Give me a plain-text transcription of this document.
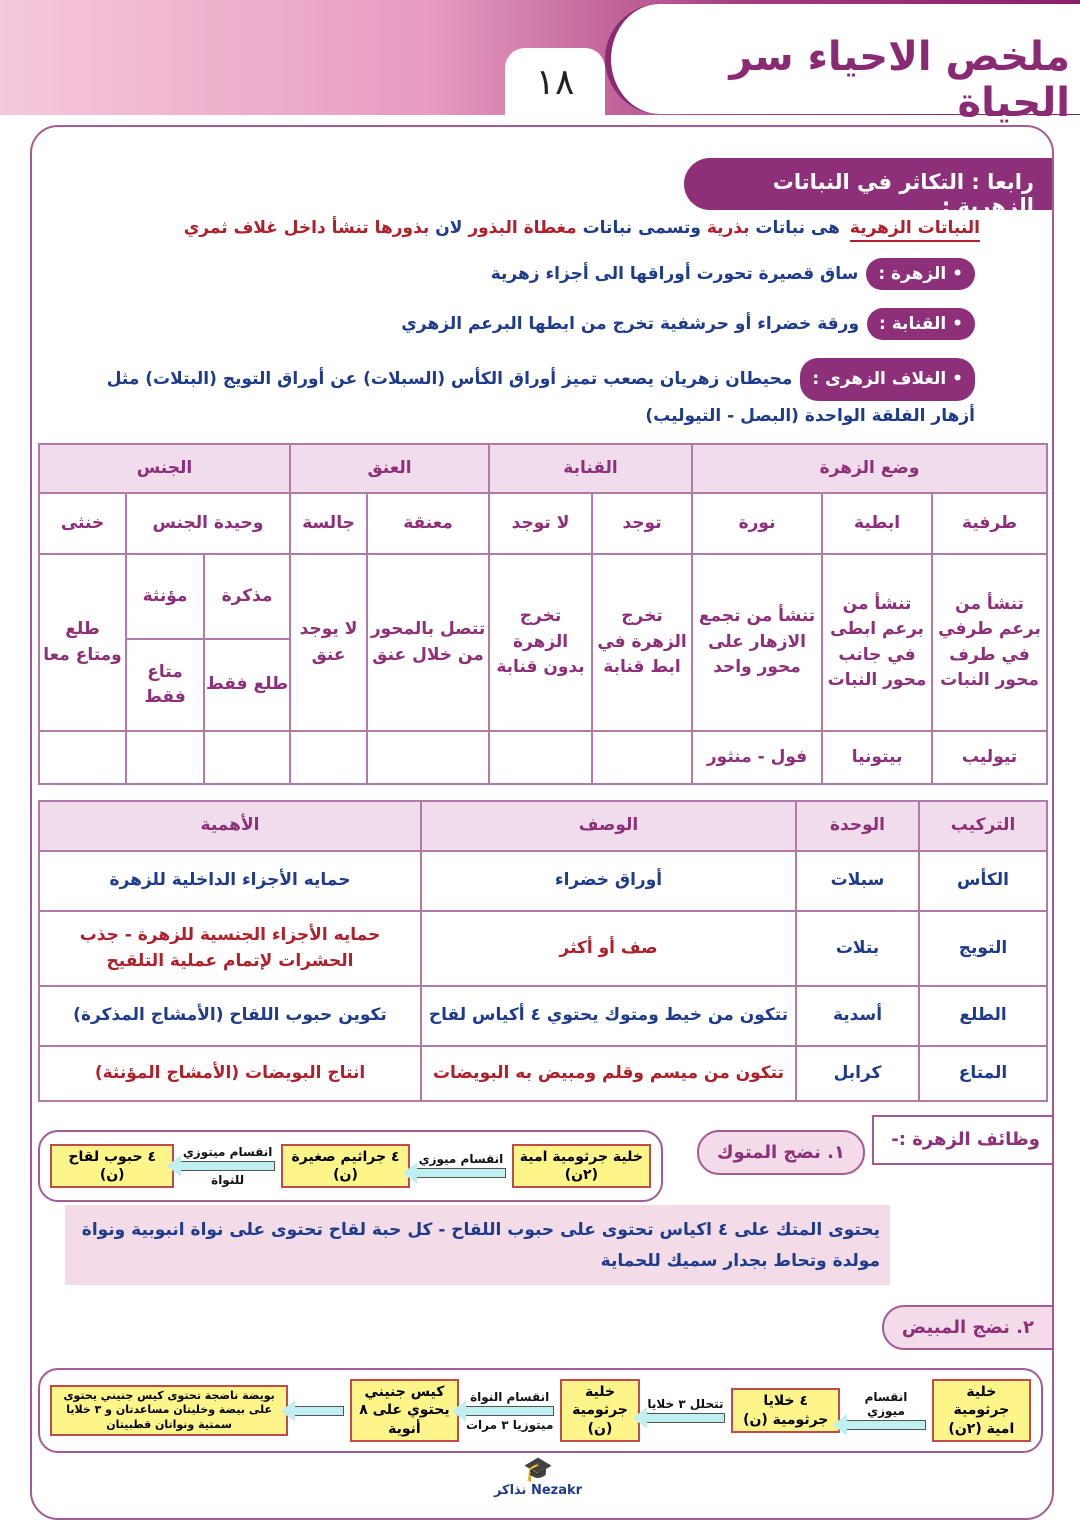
ملخص الاحياء سر الحياة
١٨
رابعا : التكاثر في النباتات الزهرية :
النباتات الزهريةهى نباتات بذرية وتسمى نباتات مغطاة البذور لان بذورها تنشأ داخل غلاف ثمري
• الزهرة :ساق قصيرة تحورت أوراقها الى أجزاء زهرية
• القنابة :ورقة خضراء أو حرشفية تخرج من ابطها البرعم الزهري
• الغلاف الزهرى :محيطان زهريان يصعب تميز أوراق الكأس (السبلات) عن أوراق التويج (البتلات) مثل أزهار الفلقة الواحدة (البصل - التيوليب)
وضع الزهرة			القنابة		العنق		الجنس		
طرفية	ابطية	نورة	توجد	لا توجد	معنقة	جالسة	وحيدة الجنس		خنثى
تنشأ من برعم طرفي في طرف محور النبات	تنشأ من برعم ابطى في جانب محور النبات	تنشأ من تجمع الازهار على محور واحد	تخرج الزهرة في ابط قنابة	تخرج الزهرة بدون قنابة	تتصل بالمحور من خلال عنق	لا يوجد عنق	مذكرة	مؤنثة	طلع ومتاع معا
							طلع فقط	متاع فقط	
تيوليب	بيتونيا	فول - منثور							
التركيب	الوحدة	الوصف	الأهمية
الكأس	سبلات	أوراق خضراء	حمايه الأجزاء الداخلية للزهرة
التويج	بتلات	صف أو أكثر	حمايه الأجزاء الجنسية للزهرة - جذب الحشرات لإتمام عملية التلقيح
الطلع	أسدية	تتكون من خيط ومتوك يحتوي ٤ أكياس لقاح	تكوين حبوب اللقاح (الأمشاج المذكرة)
المتاع	كرابل	تتكون من ميسم وقلم ومبيض به البويضات	انتاج البويضات (الأمشاج المؤنثة)
وظائف الزهرة :-
١. نضج المتوك
خلية جرثومية امية (٢ن)
انقسام ميوزي
٤ جراثيم صغيرة (ن)
انقسام ميتوزي
للنواة
٤ حبوب لقاح (ن)
يحتوى المتك على ٤ اكياس تحتوى على حبوب اللقاح - كل حبة لقاح تحتوى على نواة انبوبية ونواة مولدة وتحاط بجدار سميك للحماية
٢. نضج المبيض
خلية جرثومية امية (٢ن)
انقسام ميوزي
٤ خلايا جرثومية (ن)
تتحلل ٣ خلايا
خلية جرثومية (ن)
انقسام النواة
ميتوزيا ٣ مرات
كيس جنيني يحتوي على ٨ أنوية
بويضة ناضجة تحتوى كيس جنيني يحتوى على بيضة وخليتان مساعدتان و ٣ خلايا سمتية ونواتان قطبيتان
🎓
Nezakr نذاكر
